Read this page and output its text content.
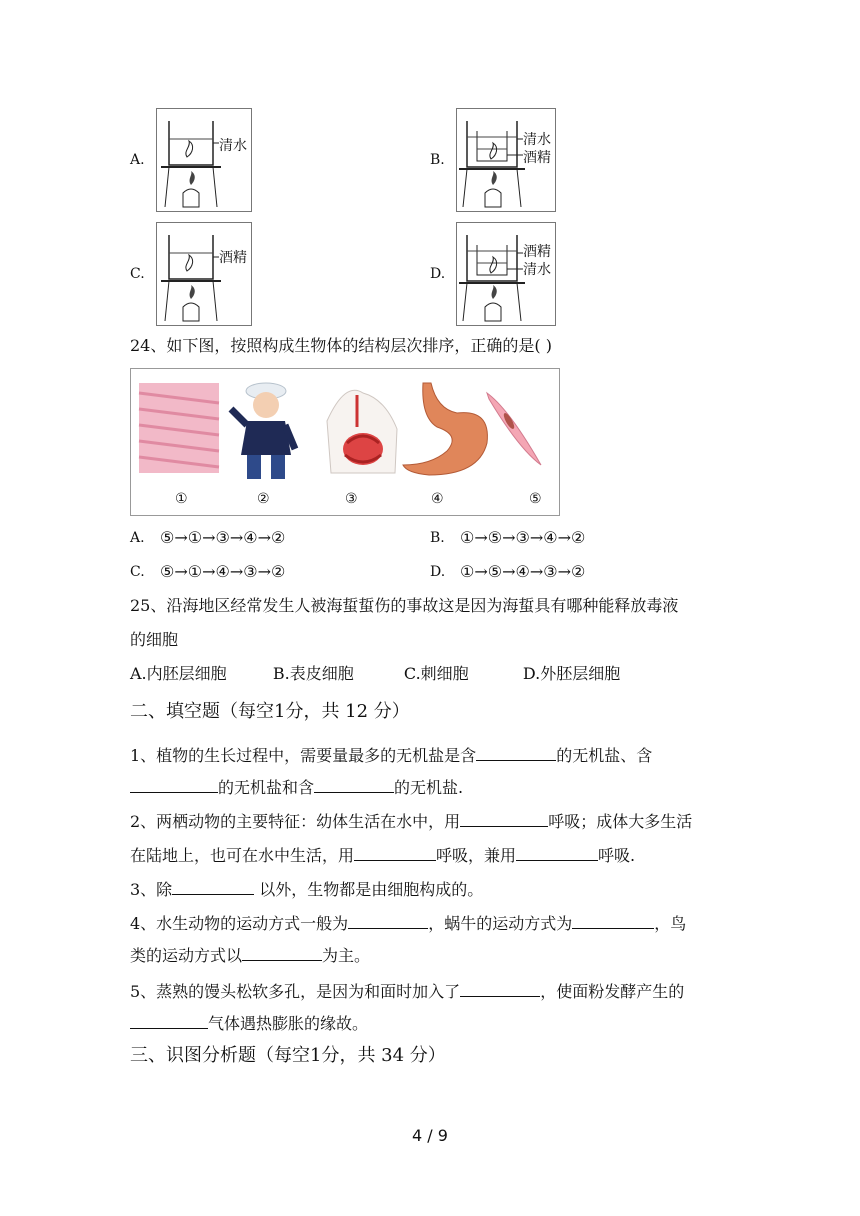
A.
清水
B.
清水
酒精
C.
酒精
D.
酒精
清水
24、如下图，按照构成生物体的结构层次排序，正确的是( )
①	②	③	④	⑤
A. ⑤→①→③→④→②	B. ①→⑤→③→④→②
C. ⑤→①→④→③→②	D. ①→⑤→④→③→②
25、沿海地区经常发生人被海蜇蜇伤的事故这是因为海蜇具有哪种能释放毒液
的细胞
A.内胚层细胞	B.表皮细胞	C.刺细胞	D.外胚层细胞
二、填空题（每空1分，共 12 分）
1、植物的生长过程中，需要量最多的无机盐是含	的无机盐、含
的无机盐和含	的无机盐.
2、两栖动物的主要特征：幼体生活在水中，用	呼吸；成体大多生活
在陆地上，也可在水中生活，用	呼吸，兼用	呼吸.
3、除	以外，生物都是由细胞构成的。
4、水生动物的运动方式一般为	，蜗牛的运动方式为	，鸟
类的运动方式以	为主。
5、蒸熟的馒头松软多孔，是因为和面时加入了	，使面粉发酵产生的
气体遇热膨胀的缘故。
三、识图分析题（每空1分，共 34 分）
4 / 9
